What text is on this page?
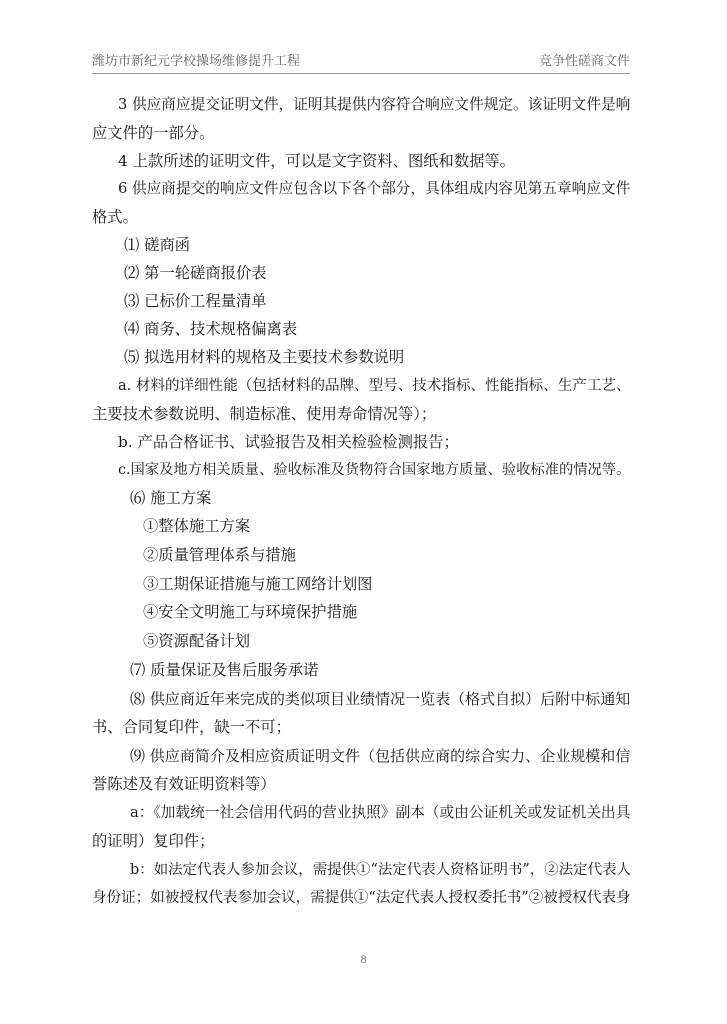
潍坊市新纪元学校操场维修提升工程	竞争性磋商文件
3 供应商应提交证明文件，证明其提供内容符合响应文件规定。该证明文件是响
应文件的一部分。
4 上款所述的证明文件，可以是文字资料、图纸和数据等。
6 供应商提交的响应文件应包含以下各个部分，具体组成内容见第五章响应文件
格式。
⑴ 磋商函
⑵ 第一轮磋商报价表
⑶ 已标价工程量清单
⑷ 商务、技术规格偏离表
⑸ 拟选用材料的规格及主要技术参数说明
a. 材料的详细性能（包括材料的品牌、型号、技术指标、性能指标、生产工艺、
主要技术参数说明、制造标准、使用寿命情况等）；
b. 产品合格证书、试验报告及相关检验检测报告；
c.国家及地方相关质量、验收标准及货物符合国家地方质量、验收标准的情况等。
⑹ 施工方案
①整体施工方案
②质量管理体系与措施
③工期保证措施与施工网络计划图
④安全文明施工与环境保护措施
⑤资源配备计划
⑺ 质量保证及售后服务承诺
⑻ 供应商近年来完成的类似项目业绩情况一览表（格式自拟）后附中标通知
书、合同复印件，缺一不可；
⑼ 供应商简介及相应资质证明文件（包括供应商的综合实力、企业规模和信
誉陈述及有效证明资料等）
a：《加载统一社会信用代码的营业执照》副本（或由公证机关或发证机关出具
的证明）复印件；
b：如法定代表人参加会议，需提供①“法定代表人资格证明书”，②法定代表人
身份证；如被授权代表参加会议，需提供①“法定代表人授权委托书”②被授权代表身
8
